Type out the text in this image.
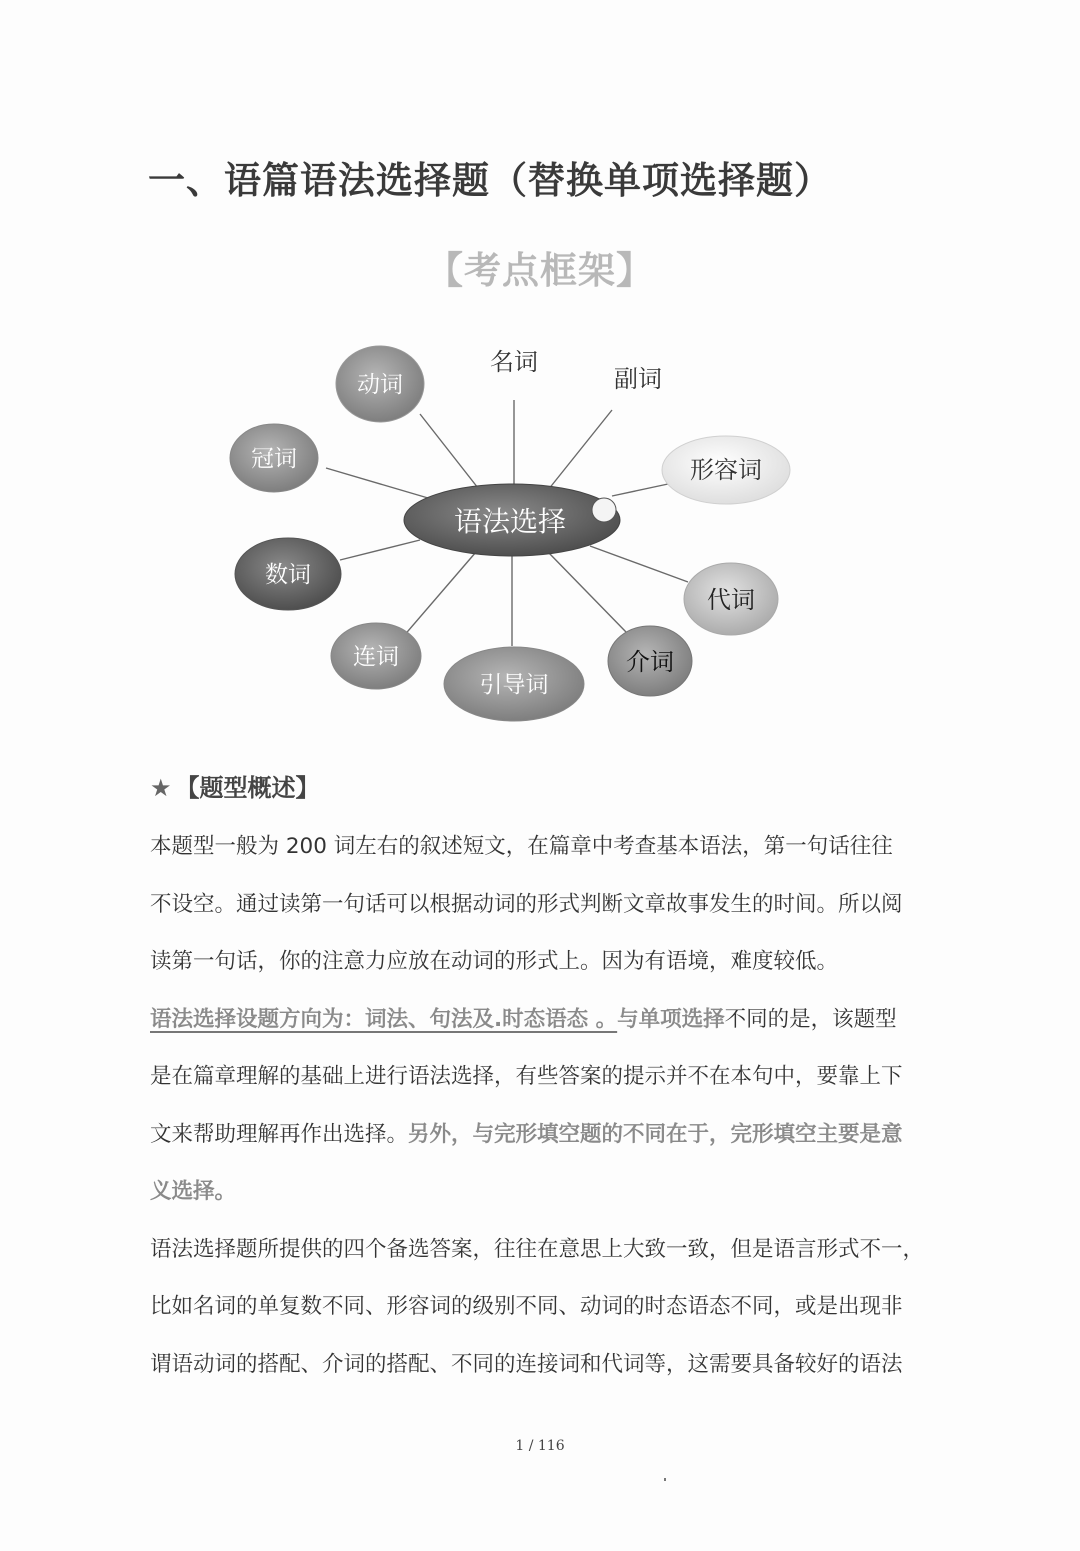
一、语篇语法选择题（替换单项选择题）
【考点框架】
语法选择
名词
副词
形容词
代词
介词
引导词
连词
数词
冠词
动词
★ 【题型概述】

本题型一般为 200 词左右的叙述短文，在篇章中考查基本语法，第一句话往往

不设空。通过读第一句话可以根据动词的形式判断文章故事发生的时间。所以阅

读第一句话，你的注意力应放在动词的形式上。因为有语境，难度较低。

语法选择设题方向为：词法、句法及.时态语态 。与单项选择不同的是，该题型

是在篇章理解的基础上进行语法选择，有些答案的提示并不在本句中，要靠上下

文来帮助理解再作出选择。另外，与完形填空题的不同在于，完形填空主要是意

义选择。

语法选择题所提供的四个备选答案，往往在意思上大致一致，但是语言形式不一，

比如名词的单复数不同、形容词的级别不同、动词的时态语态不同，或是出现非

谓语动词的搭配、介词的搭配、不同的连接词和代词等，这需要具备较好的语法

1 / 116
